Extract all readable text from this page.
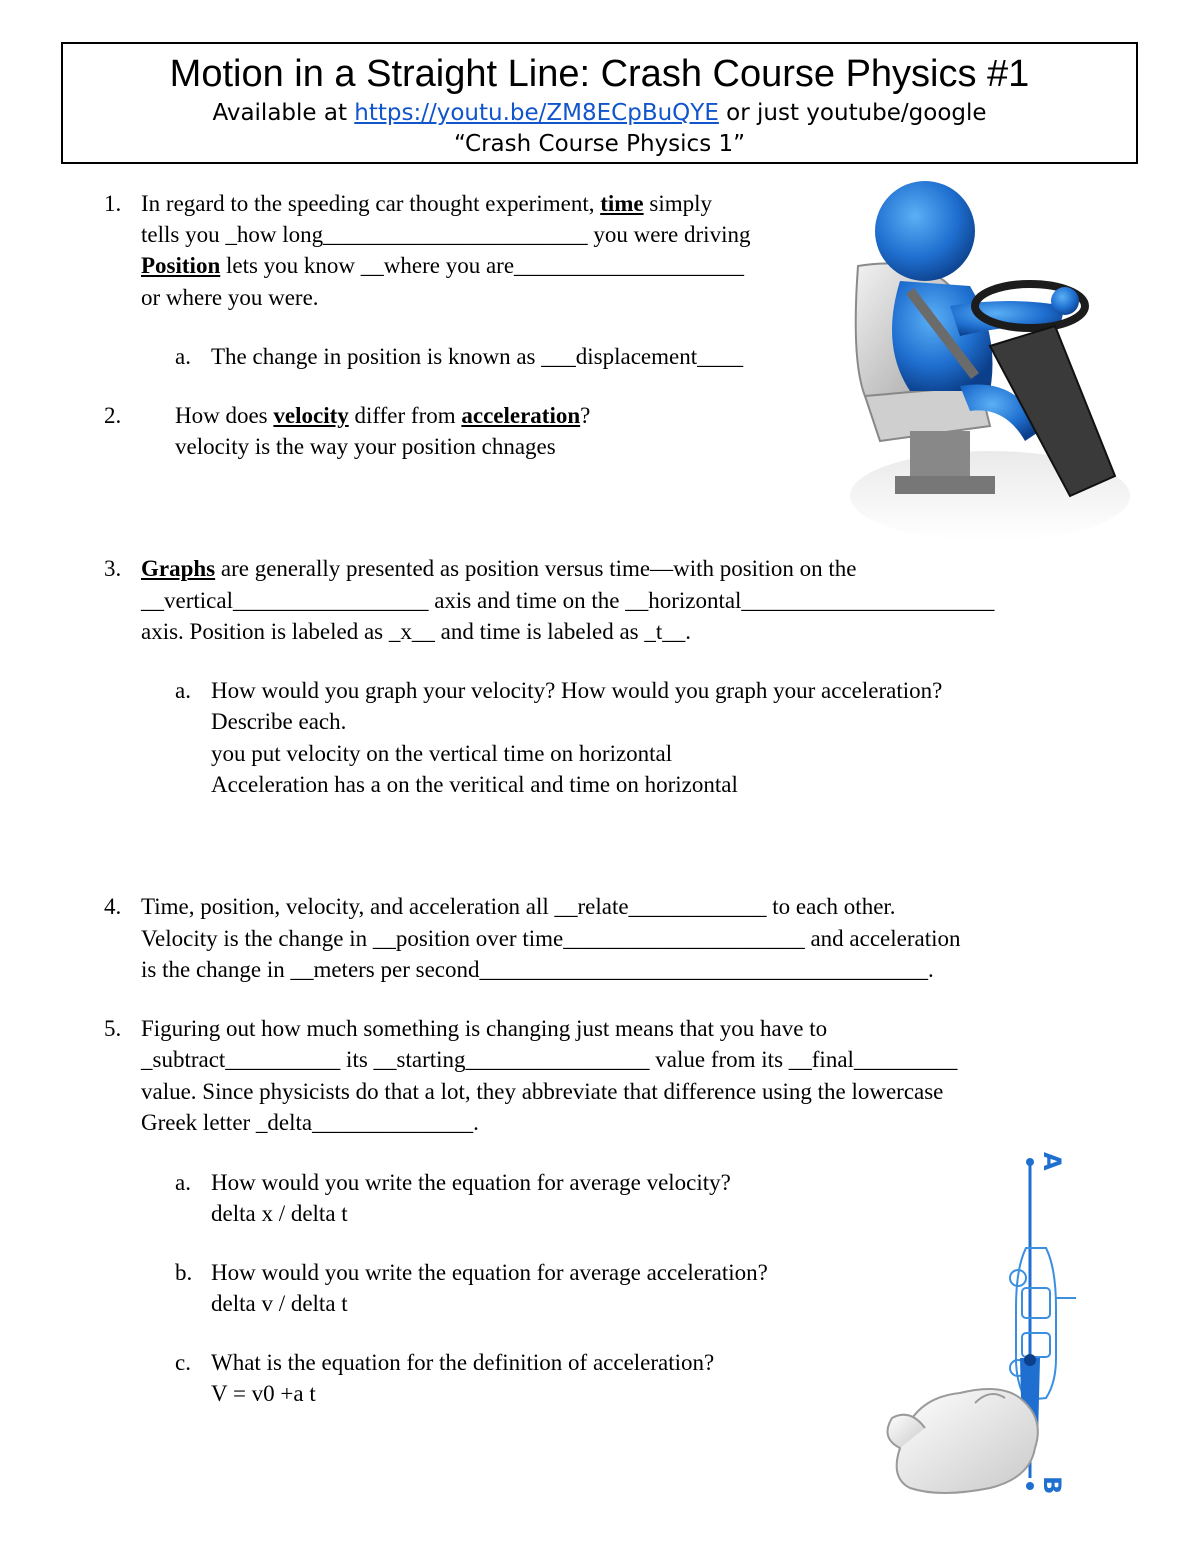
Motion in a Straight Line: Crash Course Physics #1
Available at https://youtu.be/ZM8ECpBuQYE or just youtube/google
“Crash Course Physics 1”
1. In regard to the speeding car thought experiment, time simply
tells you _how long_______________________ you were driving
Position lets you know __where you are____________________
or where you were.
a. The change in position is known as ___displacement____
2. How does velocity differ from acceleration?
velocity is the way your position chnages
3. Graphs are generally presented as position versus time—with position on the
__vertical_________________ axis and time on the __horizontal______________________
axis. Position is labeled as _x__ and time is labeled as _t__.
a. How would you graph your velocity? How would you graph your acceleration?
Describe each.
you put velocity on the vertical time on horizontal
Acceleration has a on the veritical and time on horizontal
4. Time, position, velocity, and acceleration all __relate____________ to each other.
Velocity is the change in __position over time_____________________ and acceleration
is the change in __meters per second_______________________________________.
5. Figuring out how much something is changing just means that you have to
_subtract__________ its __starting________________ value from its __final_________
value. Since physicists do that a lot, they abbreviate that difference using the lowercase
Greek letter _delta______________.
a. How would you write the equation for average velocity?
delta x / delta t
b. How would you write the equation for average acceleration?
delta v / delta t
c. What is the equation for the definition of acceleration?
V = v0 +a t
A
B
